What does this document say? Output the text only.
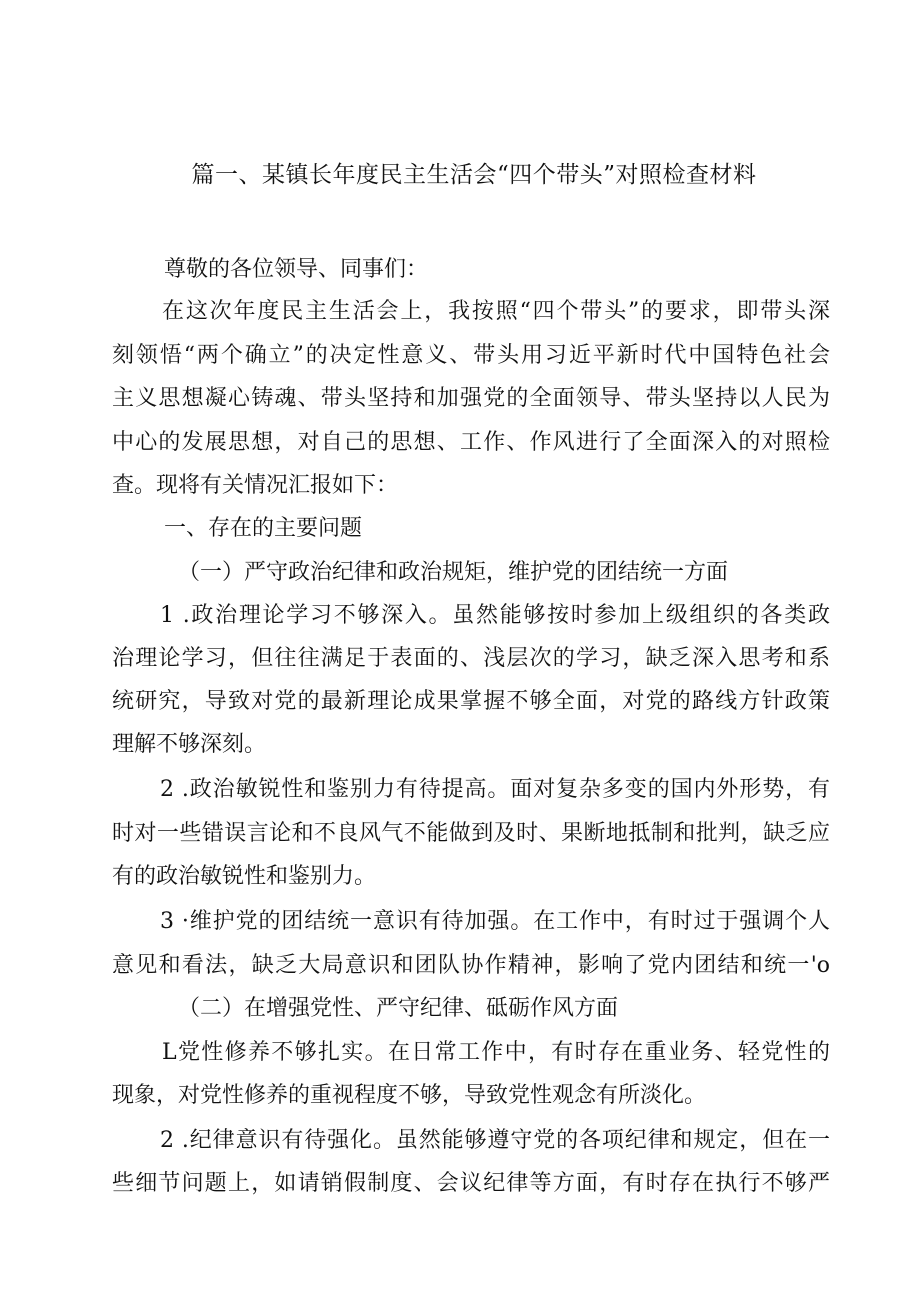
篇一、某镇长年度民主生活会“四个带头”对照检查材料
尊敬的各位领导、同事们：
在这次年度民主生活会上，我按照“四个带头”的要求，即带头深
刻领悟“两个确立”的决定性意义、带头用习近平新时代中国特色社会
主义思想凝心铸魂、带头坚持和加强党的全面领导、带头坚持以人民为
中心的发展思想，对自己的思想、工作、作风进行了全面深入的对照检
查。现将有关情况汇报如下：
一、存在的主要问题
（一）严守政治纪律和政治规矩，维护党的团结统一方面
1 .政治理论学习不够深入。虽然能够按时参加上级组织的各类政
治理论学习，但往往满足于表面的、浅层次的学习，缺乏深入思考和系
统研究，导致对党的最新理论成果掌握不够全面，对党的路线方针政策
理解不够深刻。
2 .政治敏锐性和鉴别力有待提高。面对复杂多变的国内外形势，有
时对一些错误言论和不良风气不能做到及时、果断地抵制和批判，缺乏应
有的政治敏锐性和鉴别力。
3 ·维护党的团结统一意识有待加强。在工作中，有时过于强调个人
意见和看法，缺乏大局意识和团队协作精神，影响了党内团结和统一'o
（二）在增强党性、严守纪律、砥砺作风方面
L党性修养不够扎实。在日常工作中，有时存在重业务、轻党性的
现象，对党性修养的重视程度不够，导致党性观念有所淡化。
2 .纪律意识有待强化。虽然能够遵守党的各项纪律和规定，但在一
些细节问题上，如请销假制度、会议纪律等方面，有时存在执行不够严
